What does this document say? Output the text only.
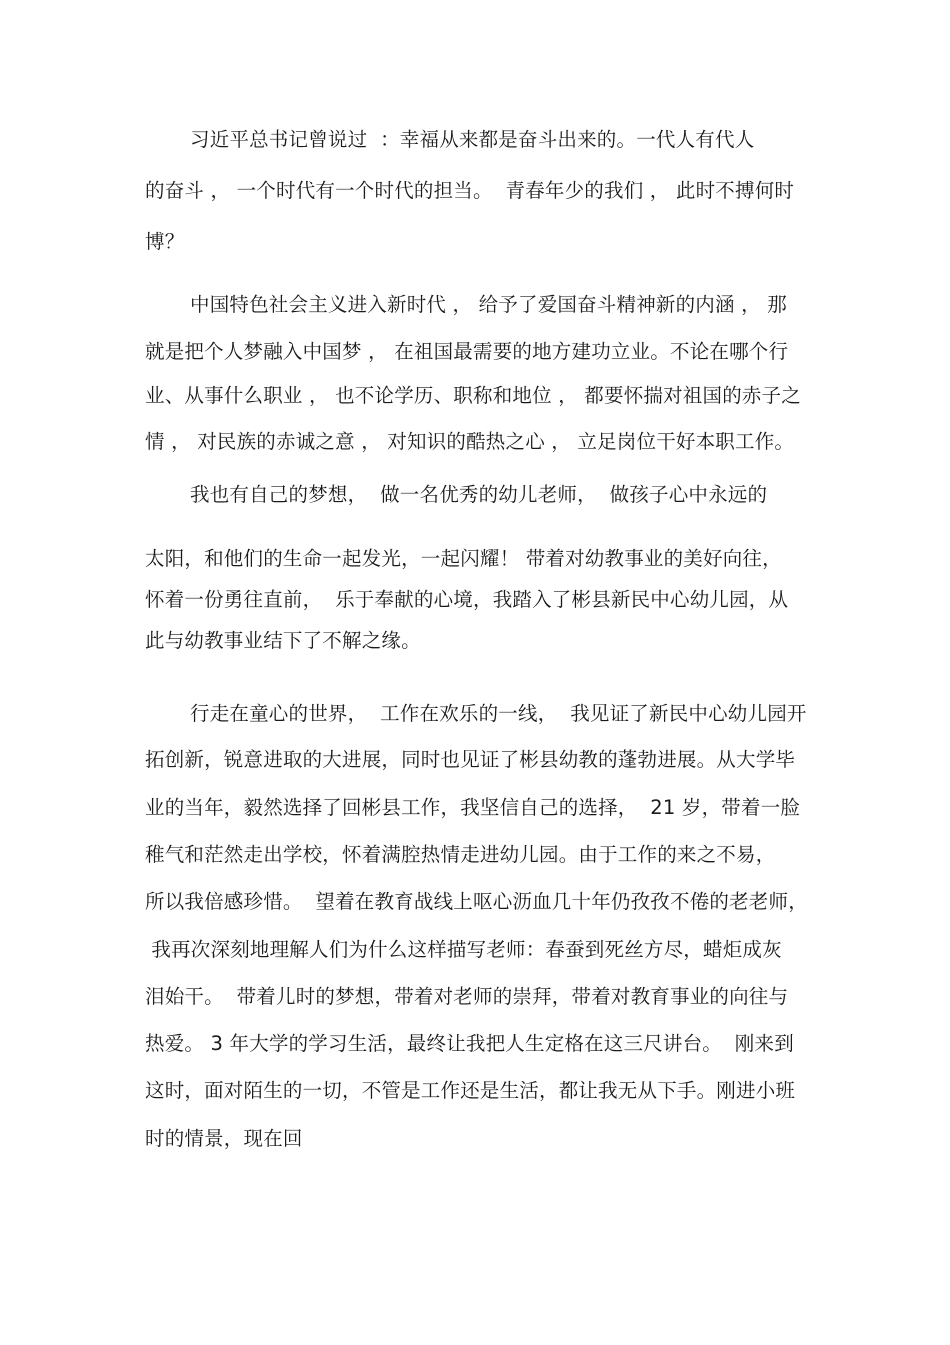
习近平总书记曾说过  ：幸福从来都是奋斗出来的。一代人有代人
的奋斗 ， 一个时代有一个时代的担当。  青春年少的我们 ， 此时不搏何时
博？
中国特色社会主义进入新时代 ， 给予了爱国奋斗精神新的内涵 ， 那
就是把个人梦融入中国梦 ， 在祖国最需要的地方建功立业。不论在哪个行
业、从事什么职业 ， 也不论学历、职称和地位 ， 都要怀揣对祖国的赤子之
情 ， 对民族的赤诚之意 ， 对知识的酷热之心 ， 立足岗位干好本职工作。
我也有自己的梦想，  做一名优秀的幼儿老师，  做孩子心中永远的
太阳，和他们的生命一起发光，一起闪耀！ 带着对幼教事业的美好向往，
怀着一份勇往直前，  乐于奉献的心境，我踏入了彬县新民中心幼儿园，从
此与幼教事业结下了不解之缘。
行走在童心的世界，  工作在欢乐的一线，  我见证了新民中心幼儿园开
拓创新，锐意进取的大进展，同时也见证了彬县幼教的蓬勃进展。从大学毕
业的当年，毅然选择了回彬县工作，我坚信自己的选择，  21 岁，带着一脸
稚气和茫然走出学校，怀着满腔热情走进幼儿园。由于工作的来之不易，
所以我倍感珍惜。  望着在教育战线上呕心沥血几十年仍孜孜不倦的老老师，
我再次深刻地理解人们为什么这样描写老师：春蚕到死丝方尽，蜡炬成灰
泪始干。  带着儿时的梦想，带着对老师的崇拜，带着对教育事业的向往与
热爱。 3 年大学的学习生活，最终让我把人生定格在这三尺讲台。  刚来到
这时，面对陌生的一切，不管是工作还是生活，都让我无从下手。刚进小班
时的情景，现在回
